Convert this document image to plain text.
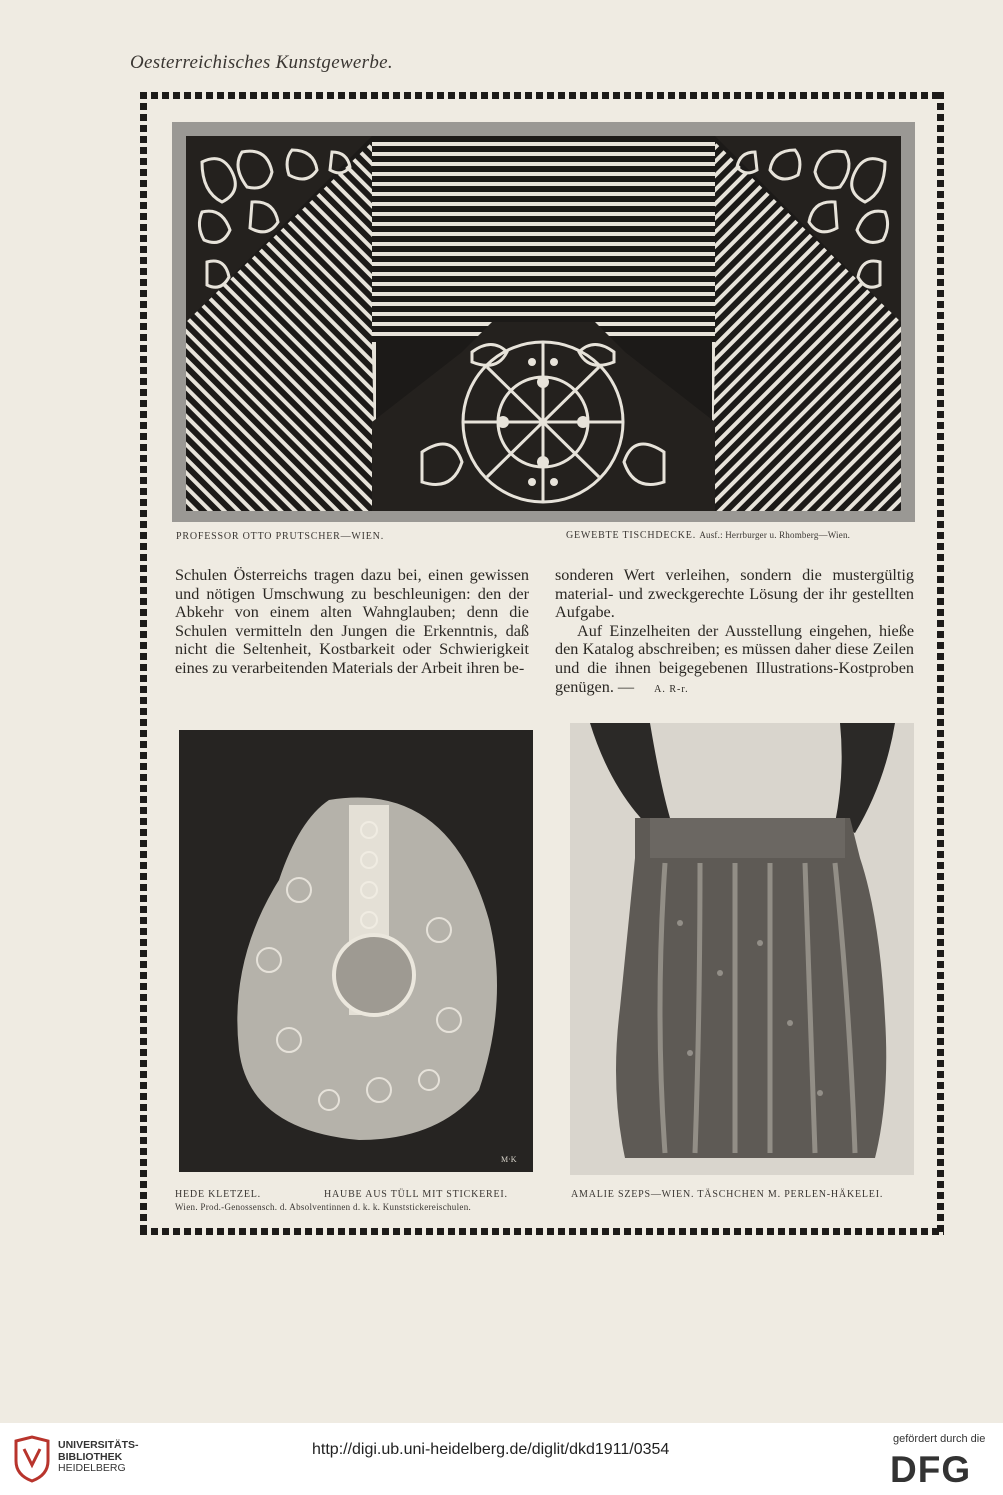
Oesterreichisches Kunstgewerbe.
PROFESSOR OTTO PRUTSCHER—WIEN.	GEWEBTE TISCHDECKE. Ausf.: Herrburger u. Rhomberg—Wien.

Schulen Österreichs tragen dazu bei, einen gewissen und nötigen Umschwung zu beschleunigen: den der Abkehr von einem alten Wahnglauben; denn die Schulen vermitteln den Jungen die Erkenntnis, daß nicht die Seltenheit, Kostbarkeit oder Schwierigkeit eines zu verarbeitenden Materials der Arbeit ihren be-

sonderen Wert verleihen, sondern die mustergültig material- und zweckgerechte Lösung der ihr gestellten Aufgabe.

Auf Einzelheiten der Ausstellung eingehen, hieße den Katalog abschreiben; es müssen daher diese Zeilen und die ihnen beigegebenen Illustrations-Kostproben genügen. — A. R-r.

M·K
HEDE KLETZEL.	HAUBE AUS TÜLL MIT STICKEREI.
Wien. Prod.-Genossensch. d. Absolventinnen d. k. k. Kunststickereischulen.
AMALIE SZEPS—WIEN. TÄSCHCHEN M. PERLEN-HÄKELEI.
UNIVERSITÄTS-
BIBLIOTHEK
HEIDELBERG
http://digi.ub.uni-heidelberg.de/diglit/dkd1911/0354
gefördert durch die
DFG
